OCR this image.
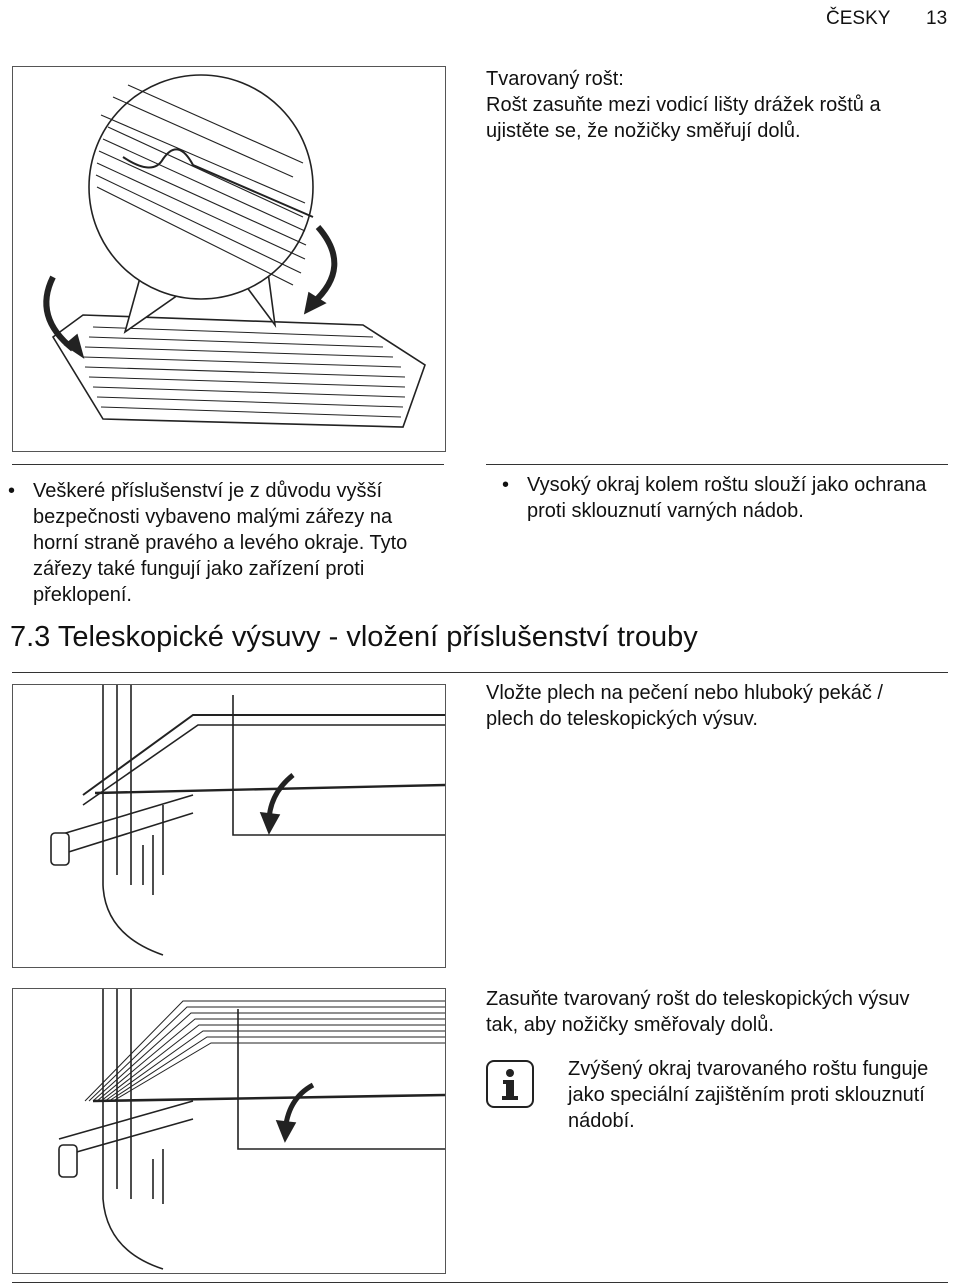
ČESKY 13
Tvarovaný rošt:
Rošt zasuňte mezi vodicí lišty drážek roštů a ujistěte se, že nožičky směřují dolů.
• Veškeré příslušenství je z důvodu vyšší bezpečnosti vybaveno malými zářezy na horní straně pravého a levého okraje. Tyto zářezy také fungují jako zařízení proti překlopení.
• Vysoký okraj kolem roštu slouží jako ochrana proti sklouznutí varných nádob.
7.3 Teleskopické výsuvy - vložení příslušenství trouby
Vložte plech na pečení nebo hluboký pekáč / plech do teleskopických výsuv.
Zasuňte tvarovaný rošt do teleskopických výsuv tak, aby nožičky směřovaly dolů.
Zvýšený okraj tvarovaného roštu funguje jako speciální zajištěním proti sklouznutí nádobí.
